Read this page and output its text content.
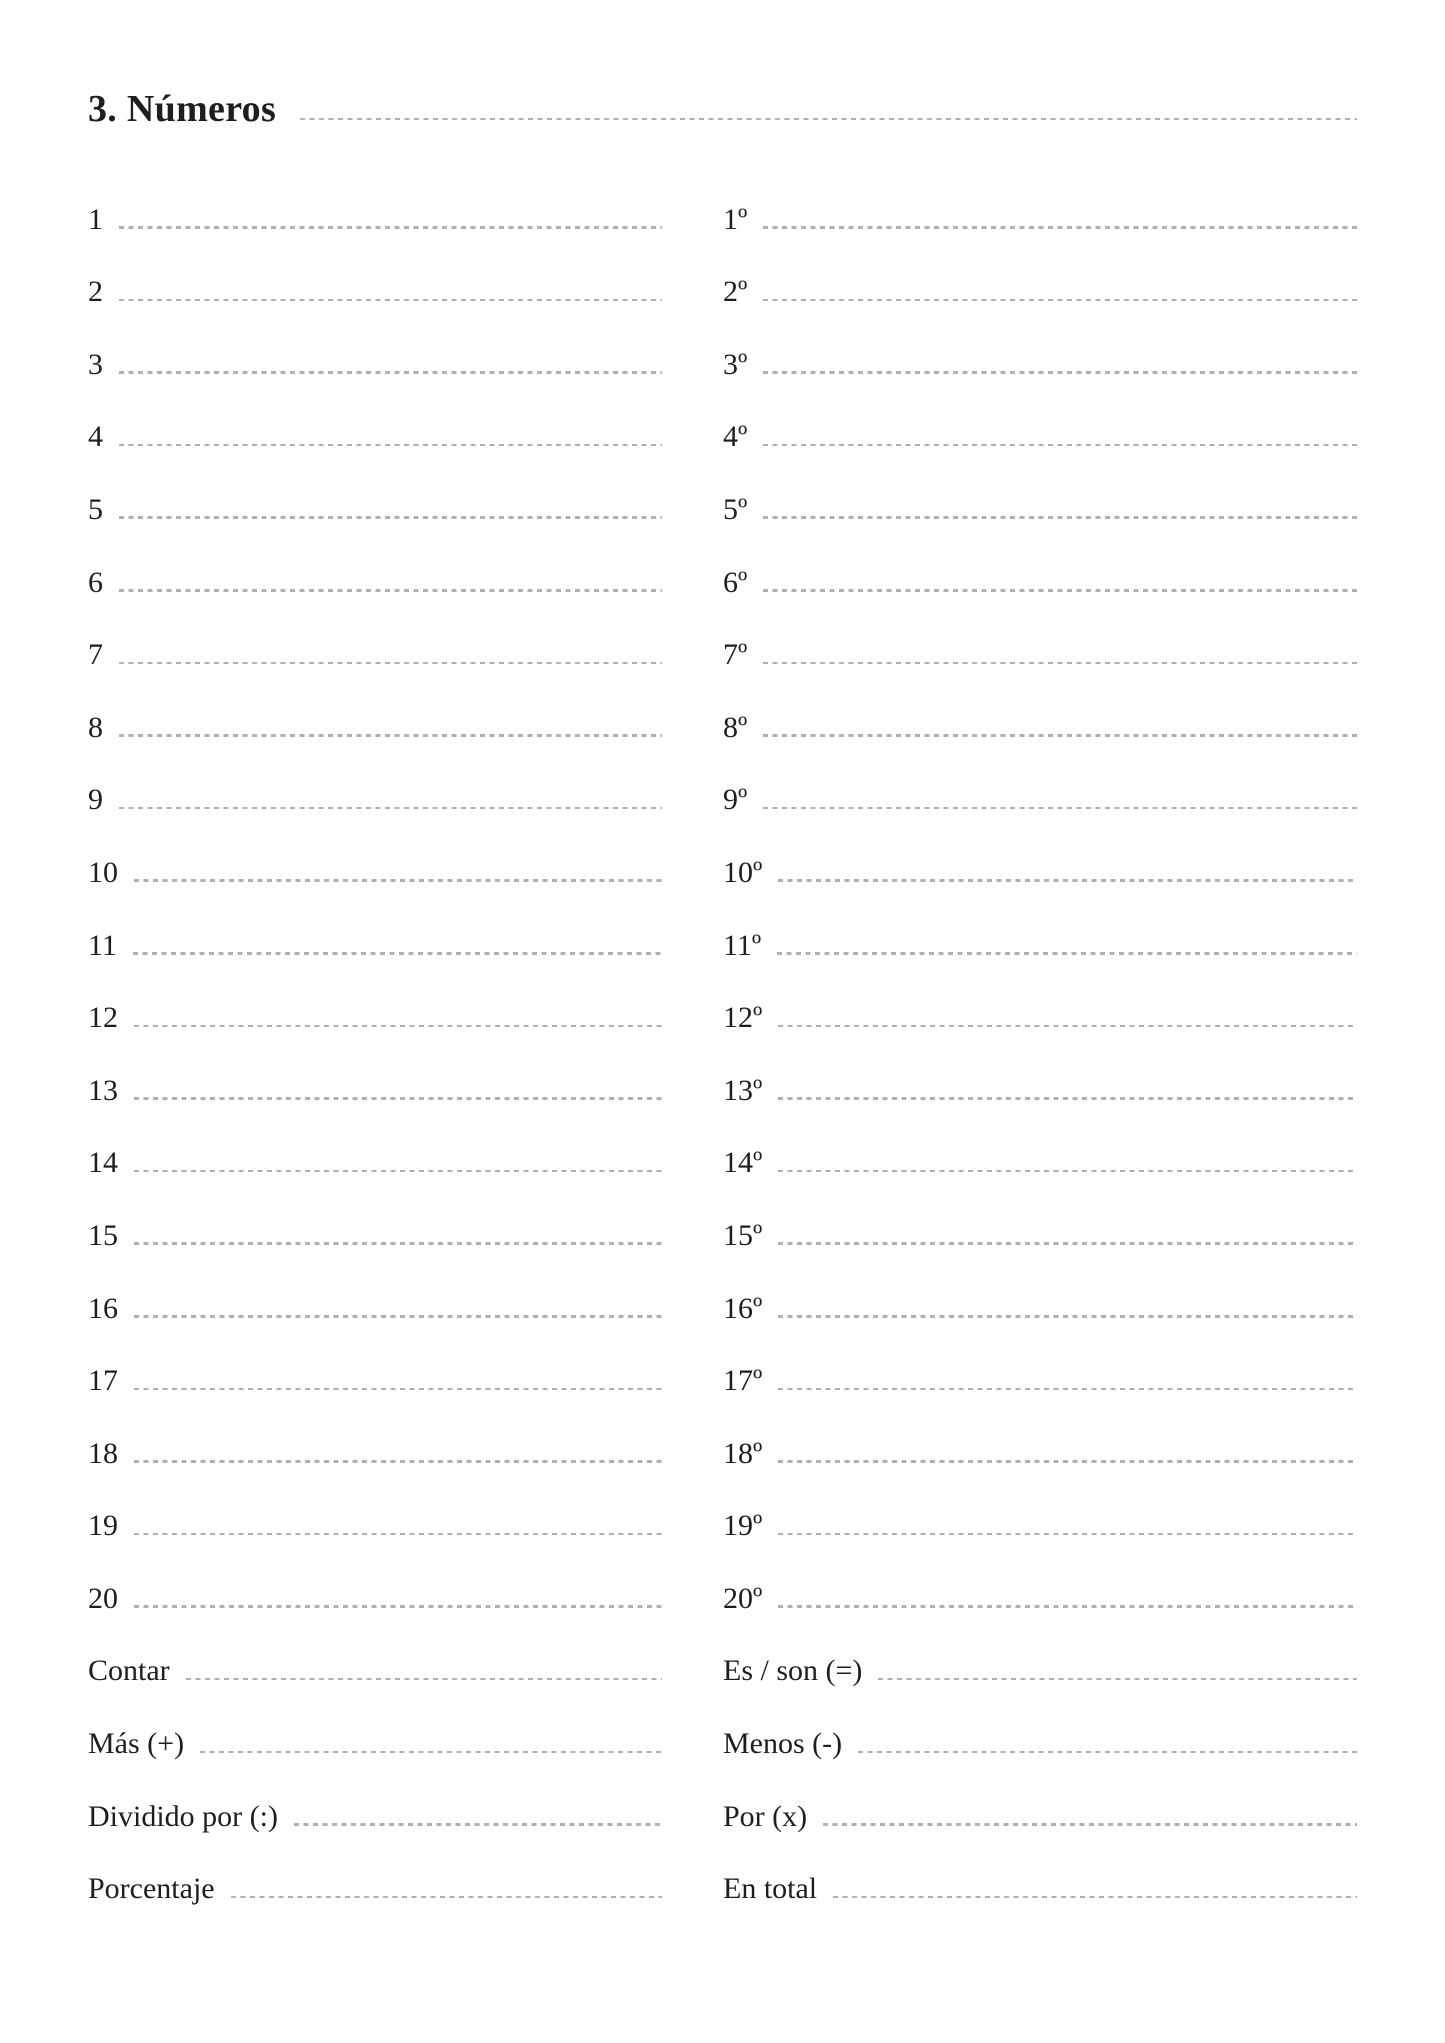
3. Números
1
2
3
4
5
6
7
8
9
10
11
12
13
14
15
16
17
18
19
20
Contar
Más (+)
Dividido por (:)
Porcentaje
1º
2º
3º
4º
5º
6º
7º
8º
9º
10º
11º
12º
13º
14º
15º
16º
17º
18º
19º
20º
Es / son (=)
Menos (-)
Por (x)
En total
